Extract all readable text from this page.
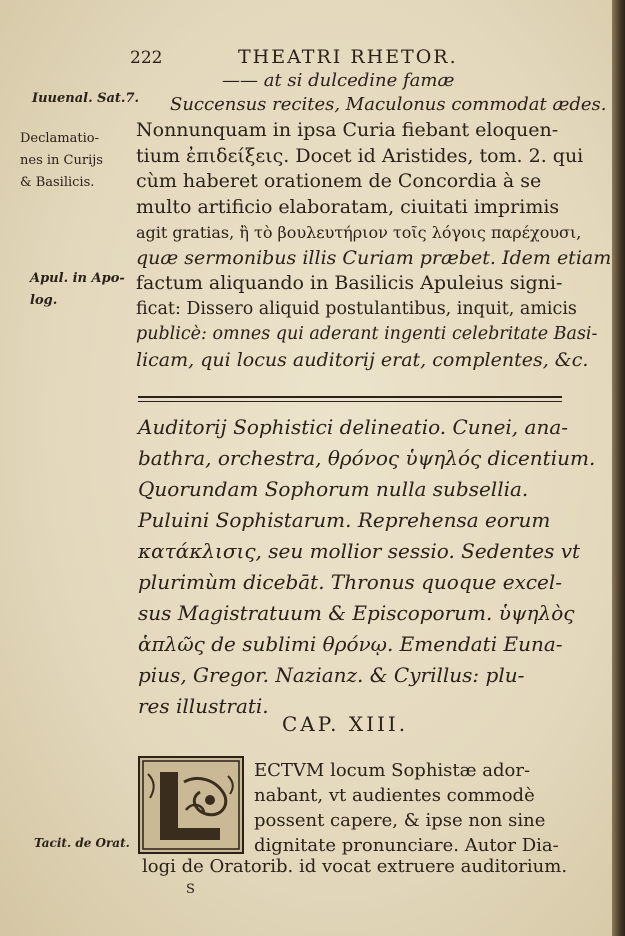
222	THEATRI RHETOR.
Iuuenal. Sat.7.
—— at si dulcedine famæ
Succensus recites, Maculonus commodat ædes.
Declamatio-
nes in Curijs
& Basilicis.
Apul. in Apo-
log.
Nonnunquam in ipsa Curia fiebant eloquen-
tium ἐπιδείξεις. Docet id Aristides, tom. 2. qui
cùm haberet orationem de Concordia à se
multo artificio elaboratam, ciuitati imprimis
agit gratias, ἢ τὸ βουλευτήριον τοῖς λόγοις παρέχουσι,
quæ sermonibus illis Curiam præbet. Idem etiam
factum aliquando in Basilicis Apuleius signi-
ficat: Dissero aliquid postulantibus, inquit, amicis
publicè: omnes qui aderant ingenti celebritate Basi-
licam, qui locus auditorij erat, complentes, &c.
Auditorij Sophistici delineatio. Cunei, ana-
bathra, orchestra, θρόνος ὑψηλός dicentium.
Quorundam Sophorum nulla subsellia.
Puluini Sophistarum. Reprehensa eorum
κατάκλισις, seu mollior sessio. Sedentes vt
plurimùm dicebāt. Thronus quoque excel-
sus Magistratuum & Episcoporum. ὑψηλὸς
ἁπλῶς de sublimi θρόνῳ. Emendati Euna-
pius, Gregor. Nazianz. & Cyrillus: plu-
res illustrati.
CAP. XIII.
ECTVM locum Sophistæ ador-
nabant, vt audientes commodè
possent capere, & ipse non sine
dignitate pronunciare. Autor Dia-
Tacit. de Orat.
logi de Oratorib. id vocat extruere auditorium.
S
